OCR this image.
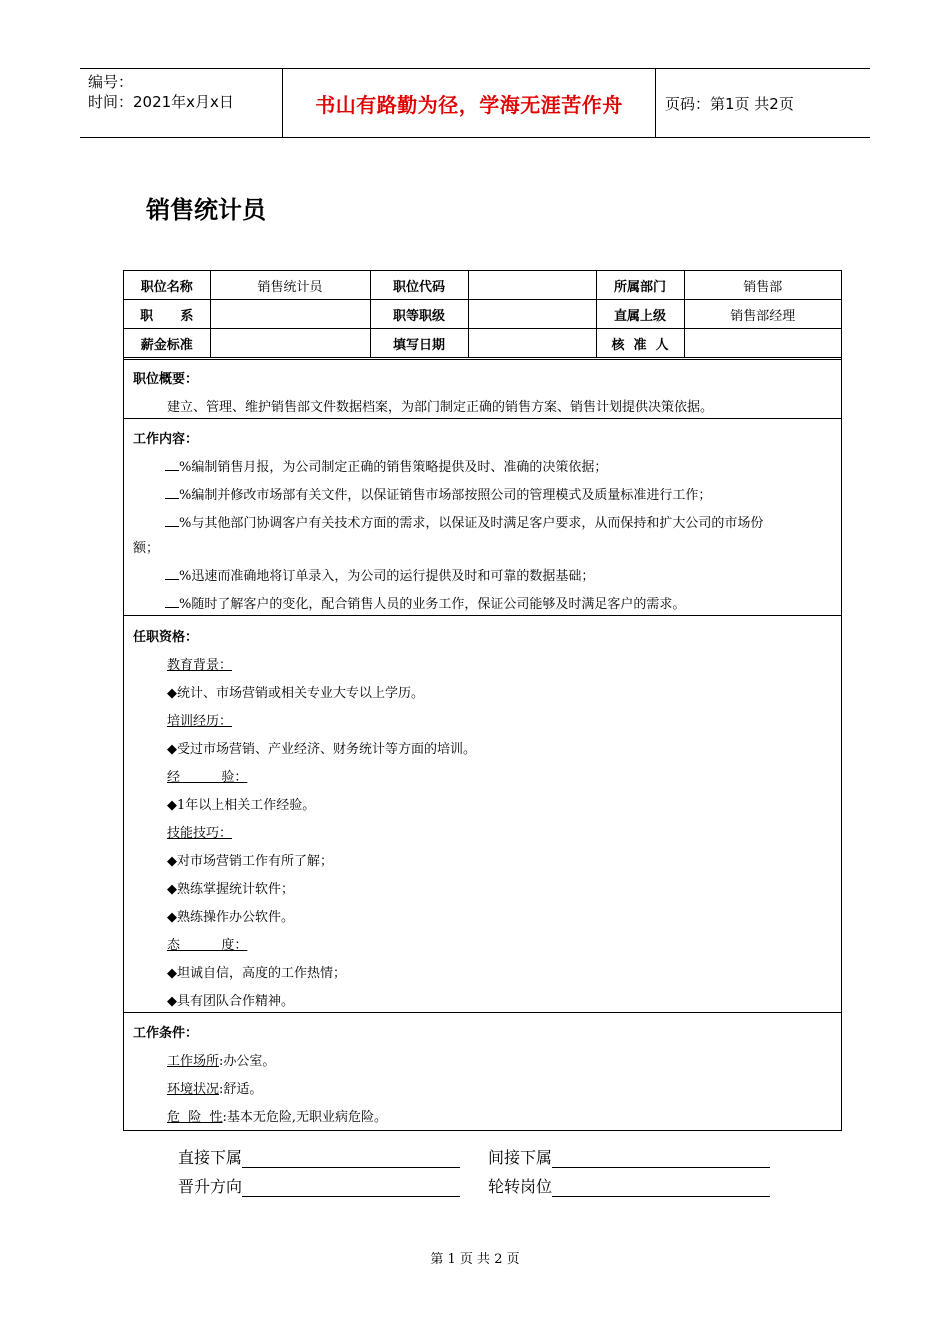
编号：
时间：2021年x月x日	书山有路勤为径，学海无涯苦作舟	页码：第1页 共2页
销售统计员
职位名称	销售统计员	职位代码		所属部门	销售部
职      系		职等职级		直属上级	销售部经理
薪金标准		填写日期		核  准  人	
职位概要：
建立、管理、维护销售部文件数据档案，为部门制定正确的销售方案、销售计划提供决策依据。
工作内容：
%编制销售月报，为公司制定正确的销售策略提供及时、准确的决策依据；
%编制并修改市场部有关文件，以保证销售市场部按照公司的管理模式及质量标准进行工作；
%与其他部门协调客户有关技术方面的需求，以保证及时满足客户要求，从而保持和扩大公司的市场份
额；
%迅速而准确地将订单录入，为公司的运行提供及时和可靠的数据基础；
%随时了解客户的变化，配合销售人员的业务工作，保证公司能够及时满足客户的需求。
任职资格：
教育背景：
◆统计、市场营销或相关专业大专以上学历。
培训经历：
◆受过市场营销、产业经济、财务统计等方面的培训。
经          验：
◆1年以上相关工作经验。
技能技巧：
◆对市场营销工作有所了解；
◆熟练掌握统计软件；
◆熟练操作办公软件。
态          度：
◆坦诚自信，高度的工作热情；
◆具有团队合作精神。
工作条件：
工作场所:办公室。
环境状况:舒适。
危  险  性:基本无危险,无职业病危险。
直接下属	间接下属
晋升方向	轮转岗位
第 1 页 共 2 页
